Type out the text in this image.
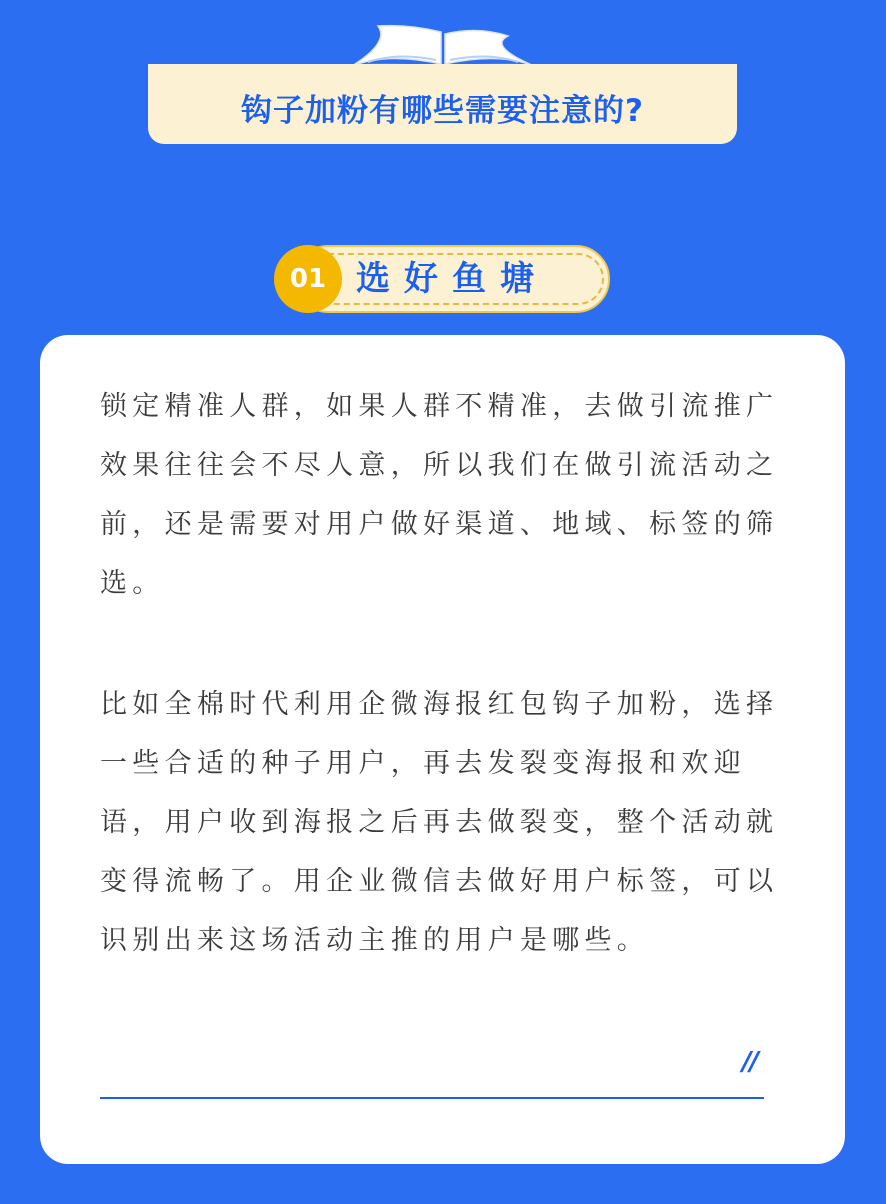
钩子加粉有哪些需要注意的?
01 选好鱼塘

锁定精准人群，如果人群不精准，去做引流推广效果往往会不尽人意，所以我们在做引流活动之前，还是需要对用户做好渠道、地域、标签的筛选。

比如全棉时代利用企微海报红包钩子加粉，选择一些合适的种子用户，再去发裂变海报和欢迎语，用户收到海报之后再去做裂变，整个活动就变得流畅了。用企业微信去做好用户标签，可以识别出来这场活动主推的用户是哪些。

//
